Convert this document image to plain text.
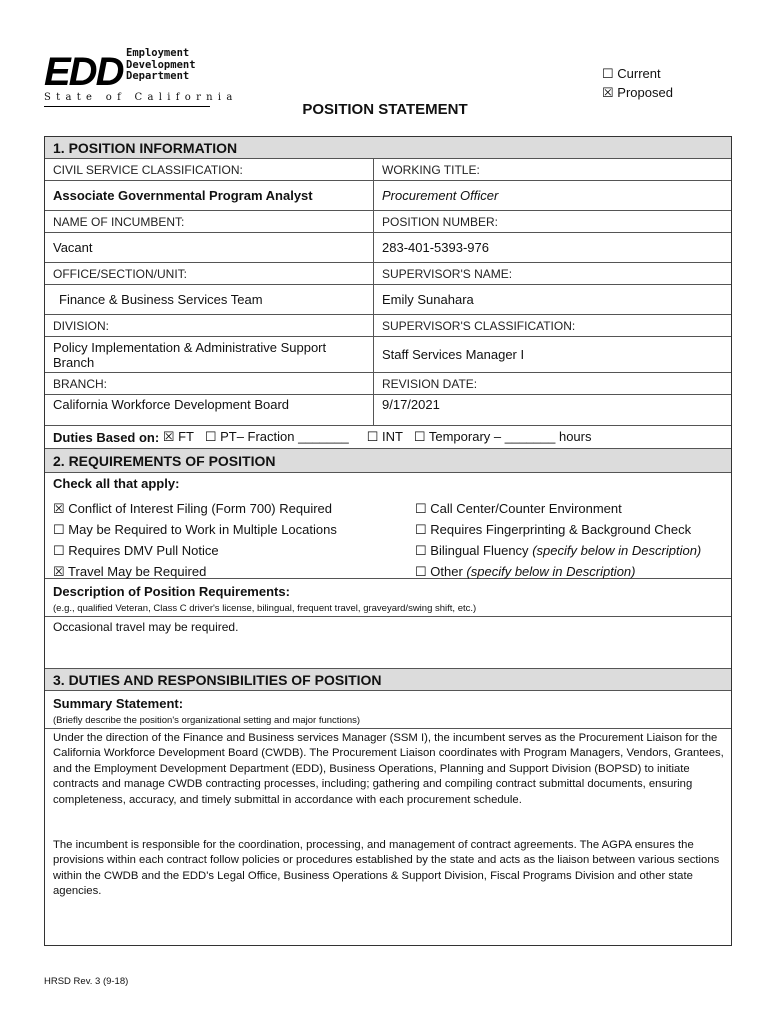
EDD Employment
Development
Department
State of California
☐ Current
☒ Proposed
POSITION STATEMENT
1. POSITION INFORMATION
CIVIL SERVICE CLASSIFICATION:	WORKING TITLE:
Associate Governmental Program Analyst	Procurement Officer
NAME OF INCUMBENT:	POSITION NUMBER:
Vacant	283-401-5393-976
OFFICE/SECTION/UNIT:	SUPERVISOR'S NAME:
Finance & Business Services Team	Emily Sunahara
DIVISION:	SUPERVISOR'S CLASSIFICATION:
Policy Implementation & Administrative Support Branch	Staff Services Manager I
BRANCH:	REVISION DATE:
California Workforce Development Board	9/17/2021
Duties Based on:
☒ FT
☐ PT– Fraction _______
☐ INT
☐ Temporary – _______ hours
2. REQUIREMENTS OF POSITION
Check all that apply:
☒ Conflict of Interest Filing (Form 700) Required
☐ May be Required to Work in Multiple Locations
☐ Requires DMV Pull Notice
☒ Travel May be Required
☐ Call Center/Counter Environment
☐ Requires Fingerprinting & Background Check
☐ Bilingual Fluency (specify below in Description)
☐ Other (specify below in Description)
Description of Position Requirements:
(e.g., qualified Veteran, Class C driver's license, bilingual, frequent travel, graveyard/swing shift, etc.)
Occasional travel may be required.
3. DUTIES AND RESPONSIBILITIES OF POSITION
Summary Statement:
(Briefly describe the position's organizational setting and major functions)
Under the direction of the Finance and Business services Manager (SSM I), the incumbent serves as the Procurement Liaison for the California Workforce Development Board (CWDB). The Procurement Liaison coordinates with Program Managers, Vendors, Grantees, and the Employment Development Department (EDD), Business Operations, Planning and Support Division (BOPSD) to initiate contracts and manage CWDB contracting processes, including; gathering and compiling contract submittal documents, ensuring completeness, accuracy, and timely submittal in accordance with each procurement schedule.
The incumbent is responsible for the coordination, processing, and management of contract agreements. The AGPA ensures the provisions within each contract follow policies or procedures established by the state and acts as the liaison between various sections within the CWDB and the EDD's Legal Office, Business Operations & Support Division, Fiscal Programs Division and other state agencies.
HRSD Rev. 3 (9-18)
